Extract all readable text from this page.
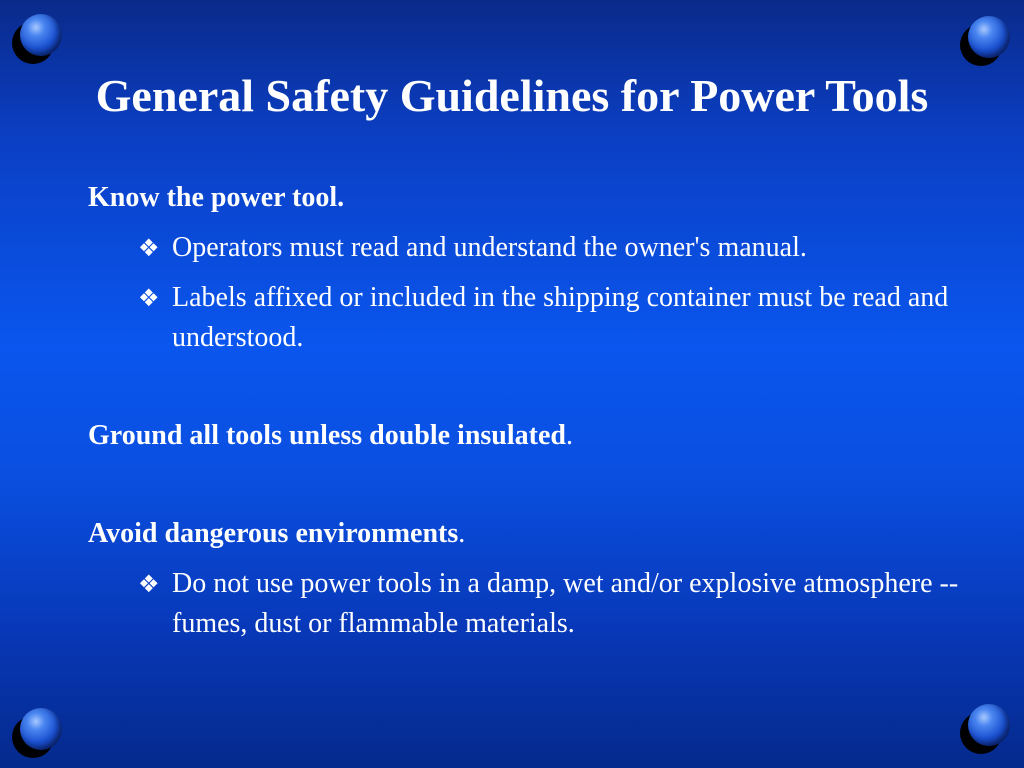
General Safety Guidelines for Power Tools

Know the power tool.

❖ Operators must read and understand the owner's manual.
❖ Labels affixed or included in the shipping container must be read and understood.

Ground all tools unless double insulated.

Avoid dangerous environments.

❖ Do not use power tools in a damp, wet and/or explosive atmosphere -- fumes, dust or flammable materials.
